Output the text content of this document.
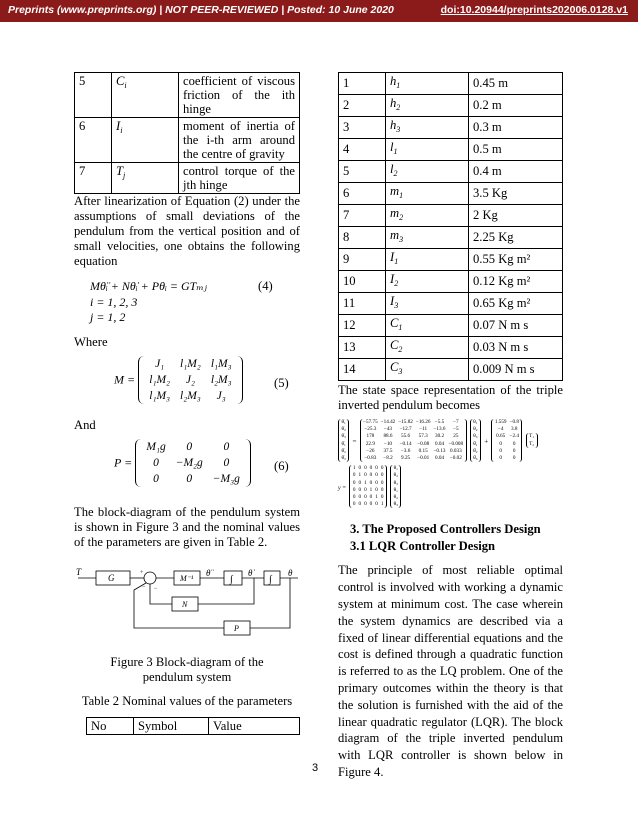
Preprints (www.preprints.org) | NOT PEER-REVIEWED | Posted: 10 June 2020	doi:10.20944/preprints202006.0128.v1
5	$C_i$	coefficient of viscous friction of the ith hinge
6	$I_i$	moment of inertia of the i-th arm around the centre of gravity
7	$T_j$	control torque of the jth hinge

After linearization of Equation (2) under the assumptions of small deviations of the pendulum from the vertical position and of small velocities, one obtains the following equation

Mθ̈ᵢ + Nθ̇ᵢ + Pθᵢ = GTₘⱼ	(4)
i = 1, 2, 3
j = 1, 2
Where
M =
J₁	l₁M₂	l₁M₃
l₁M₂	J₂	l₂M₃
l₁M₃	l₂M₃	J₃
(5)
And
P =
M₁g	0	0
0	−M₂g	0
0	0	−M₃g
(6)

The block-diagram of the pendulum system is shown in Figure 3 and the nominal values of the parameters are given in Table 2.

T
G	+
− −
M⁻¹
θ̈
∫
θ̇
∫
θ
N
P
Figure 3 Block-diagram of the pendulum system
Table 2 Nominal values of the parameters
No	Symbol	Value
1	$h_1$	0.45 m
2	$h_2$	0.2 m
3	$h_3$	0.3 m
4	$l_1$	0.5 m
5	$l_2$	0.4 m
6	$m_1$	3.5 Kg
7	$m_2$	2 Kg
8	$m_3$	2.25 Kg
9	$I_1$	0.55 Kg m²
10	$I_2$	0.12 Kg m²
11	$I_3$	0.65 Kg m²
12	$C_1$	0.07 N m s
13	$C_2$	0.03 N m s
14	$C_3$	0.009 N m s

The state space representation of the triple inverted pendulum becomes

θ̇₁
θ̇₂
θ̇₃
θ̈₁
θ̈₂
θ̈₃
=
−57.75	−14.42	−15.82	−16.26	−5.5	−7
−25.3	−43	−12.7	−11	−13.6	−5
178	88.6	55.6	57.3	30.2	25
22.9	−10	−0.14	−0.08	0.04	−0.008
−26	37.5	−3.6	0.15	−0.13	0.033
−0.83	−8.2	9.25	−0.01	0.04	−0.02

θ₁
θ₂
θ₃
θ̇₁
θ̇₂
θ̇₃
+
1.559	−0.8
−4	3.8
0.65	−2.4
0	0
0	0
0	0

T₁
T₂
y =
1	0	0	0	0	0
0	1	0	0	0	0
0	0	1	0	0	0
0	0	0	1	0	0
0	0	0	0	1	0
0	0	0	0	0	1

θ₁
θ₂
θ₃
θ₁
θ₂
θ₃
3. The Proposed Controllers Design
3.1 LQR Controller Design

The principle of most reliable optimal control is involved with working a dynamic system at minimum cost. The case wherein the system dynamics are described via a fixed of linear differential equations and the cost is defined through a quadratic function is referred to as the LQ problem. One of the primary outcomes within the theory is that the solution is furnished with the aid of the linear quadratic regulator (LQR). The block diagram of the triple inverted pendulum with LQR controller is shown below in Figure 4.

3
